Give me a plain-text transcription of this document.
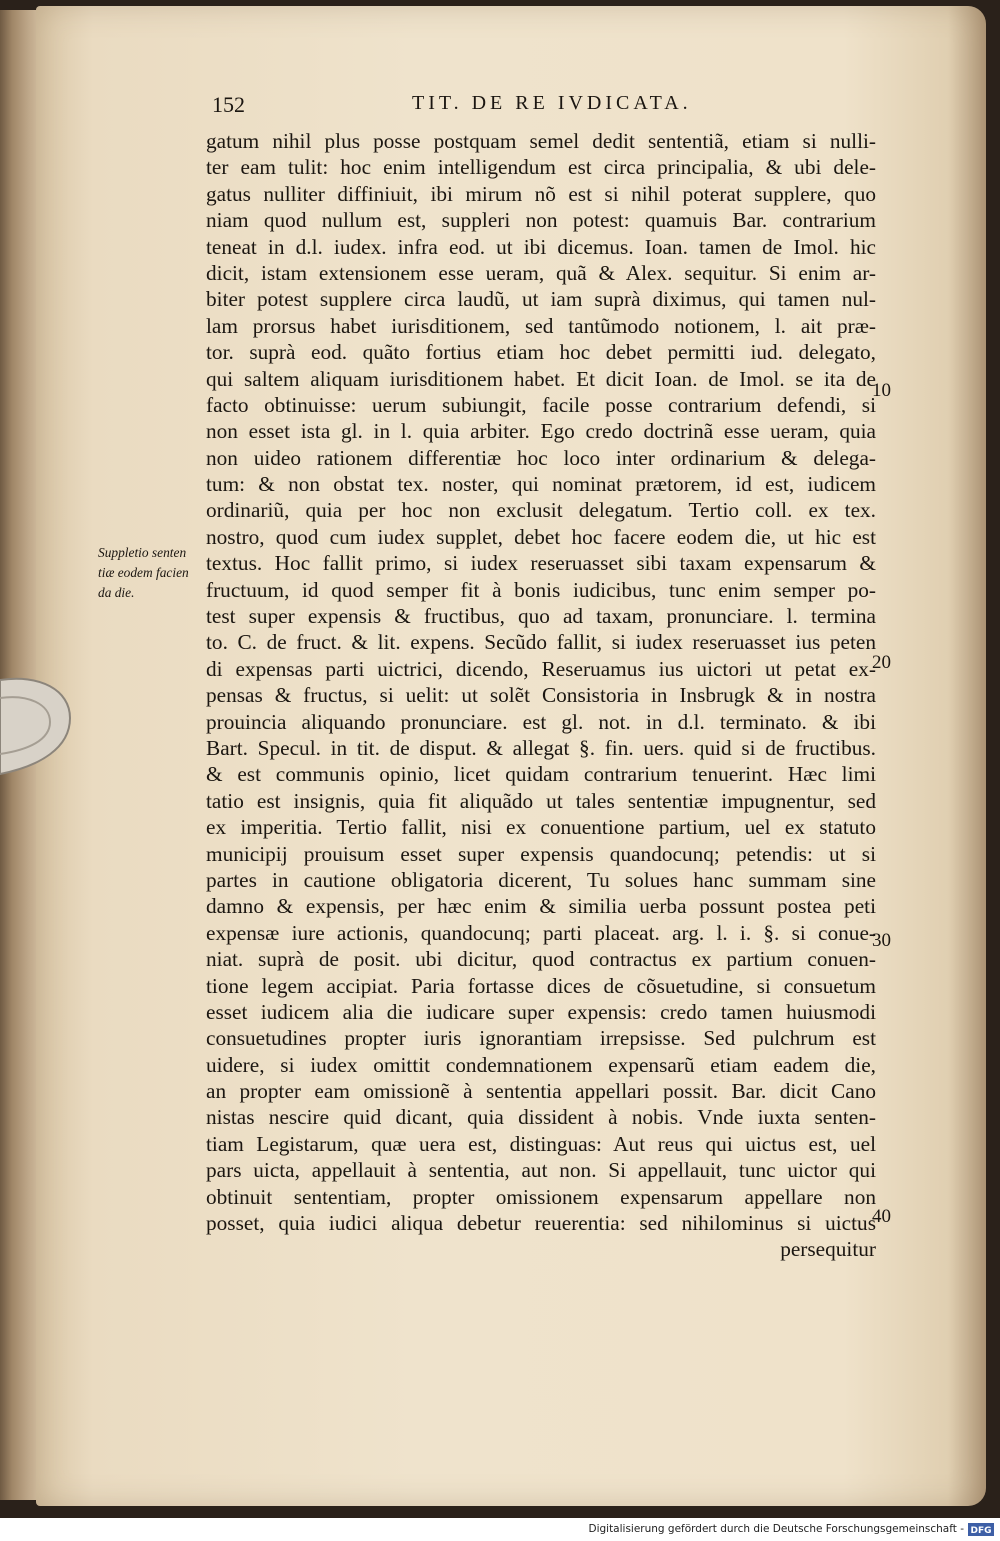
152	TIT. DE RE IVDICATA.
Suppletio senten
tiæ eodem facien
da die.
10
20
30
40
gatum nihil plus posse postquam semel dedit sententiã, etiam si nulli-
ter eam tulit: hoc enim intelligendum est circa principalia, & ubi dele-
gatus nulliter diffiniuit, ibi mirum nõ est si nihil poterat supplere, quo
niam quod nullum est, suppleri non potest: quamuis Bar. contrarium
teneat in d.l. iudex. infra eod. ut ibi dicemus. Ioan. tamen de Imol. hic
dicit, istam extensionem esse ueram, quã & Alex. sequitur. Si enim ar-
biter potest supplere circa laudũ, ut iam suprà diximus, qui tamen nul-
lam prorsus habet iurisditionem, sed tantũmodo notionem, l. ait præ-
tor. suprà eod. quãto fortius etiam hoc debet permitti iud. delegato,
qui saltem aliquam iurisditionem habet. Et dicit Ioan. de Imol. se ita de
facto obtinuisse: uerum subiungit, facile posse contrarium defendi, si
non esset ista gl. in l. quia arbiter. Ego credo doctrinã esse ueram, quia
non uideo rationem differentiæ hoc loco inter ordinarium & delega-
tum: & non obstat tex. noster, qui nominat prætorem, id est, iudicem
ordinariũ, quia per hoc non exclusit delegatum. Tertio coll. ex tex.
nostro, quod cum iudex supplet, debet hoc facere eodem die, ut hic est
textus. Hoc fallit primo, si iudex reseruasset sibi taxam expensarum &
fructuum, id quod semper fit à bonis iudicibus, tunc enim semper po-
test super expensis & fructibus, quo ad taxam, pronunciare. l. termina
to. C. de fruct. & lit. expens. Secũdo fallit, si iudex reseruasset ius peten
di expensas parti uictrici, dicendo, Reseruamus ius uictori ut petat ex-
pensas & fructus, si uelit: ut solẽt Consistoria in Insbrugk & in nostra
prouincia aliquando pronunciare. est gl. not. in d.l. terminato. & ibi
Bart. Specul. in tit. de disput. & allegat §. fin. uers. quid si de fructibus.
& est communis opinio, licet quidam contrarium tenuerint. Hæc limi
tatio est insignis, quia fit aliquãdo ut tales sententiæ impugnentur, sed
ex imperitia. Tertio fallit, nisi ex conuentione partium, uel ex statuto
municipij prouisum esset super expensis quandocunq; petendis: ut si
partes in cautione obligatoria dicerent, Tu solues hanc summam sine
damno & expensis, per hæc enim & similia uerba possunt postea peti
expensæ iure actionis, quandocunq; parti placeat. arg. l. i. §. si conue-
niat. suprà de posit. ubi dicitur, quod contractus ex partium conuen-
tione legem accipiat. Paria fortasse dices de cõsuetudine, si consuetum
esset iudicem alia die iudicare super expensis: credo tamen huiusmodi
consuetudines propter iuris ignorantiam irrepsisse. Sed pulchrum est
uidere, si iudex omittit condemnationem expensarũ etiam eadem die,
an propter eam omissionẽ à sententia appellari possit. Bar. dicit Cano
nistas nescire quid dicant, quia dissident à nobis. Vnde iuxta senten-
tiam Legistarum, quæ uera est, distinguas: Aut reus qui uictus est, uel
pars uicta, appellauit à sententia, aut non. Si appellauit, tunc uictor qui
obtinuit sententiam, propter omissionem expensarum appellare non
posset, quia iudici aliqua debetur reuerentia: sed nihilominus si uictus
persequitur
Digitalisierung gefördert durch die Deutsche Forschungsgemeinschaft - DFG
